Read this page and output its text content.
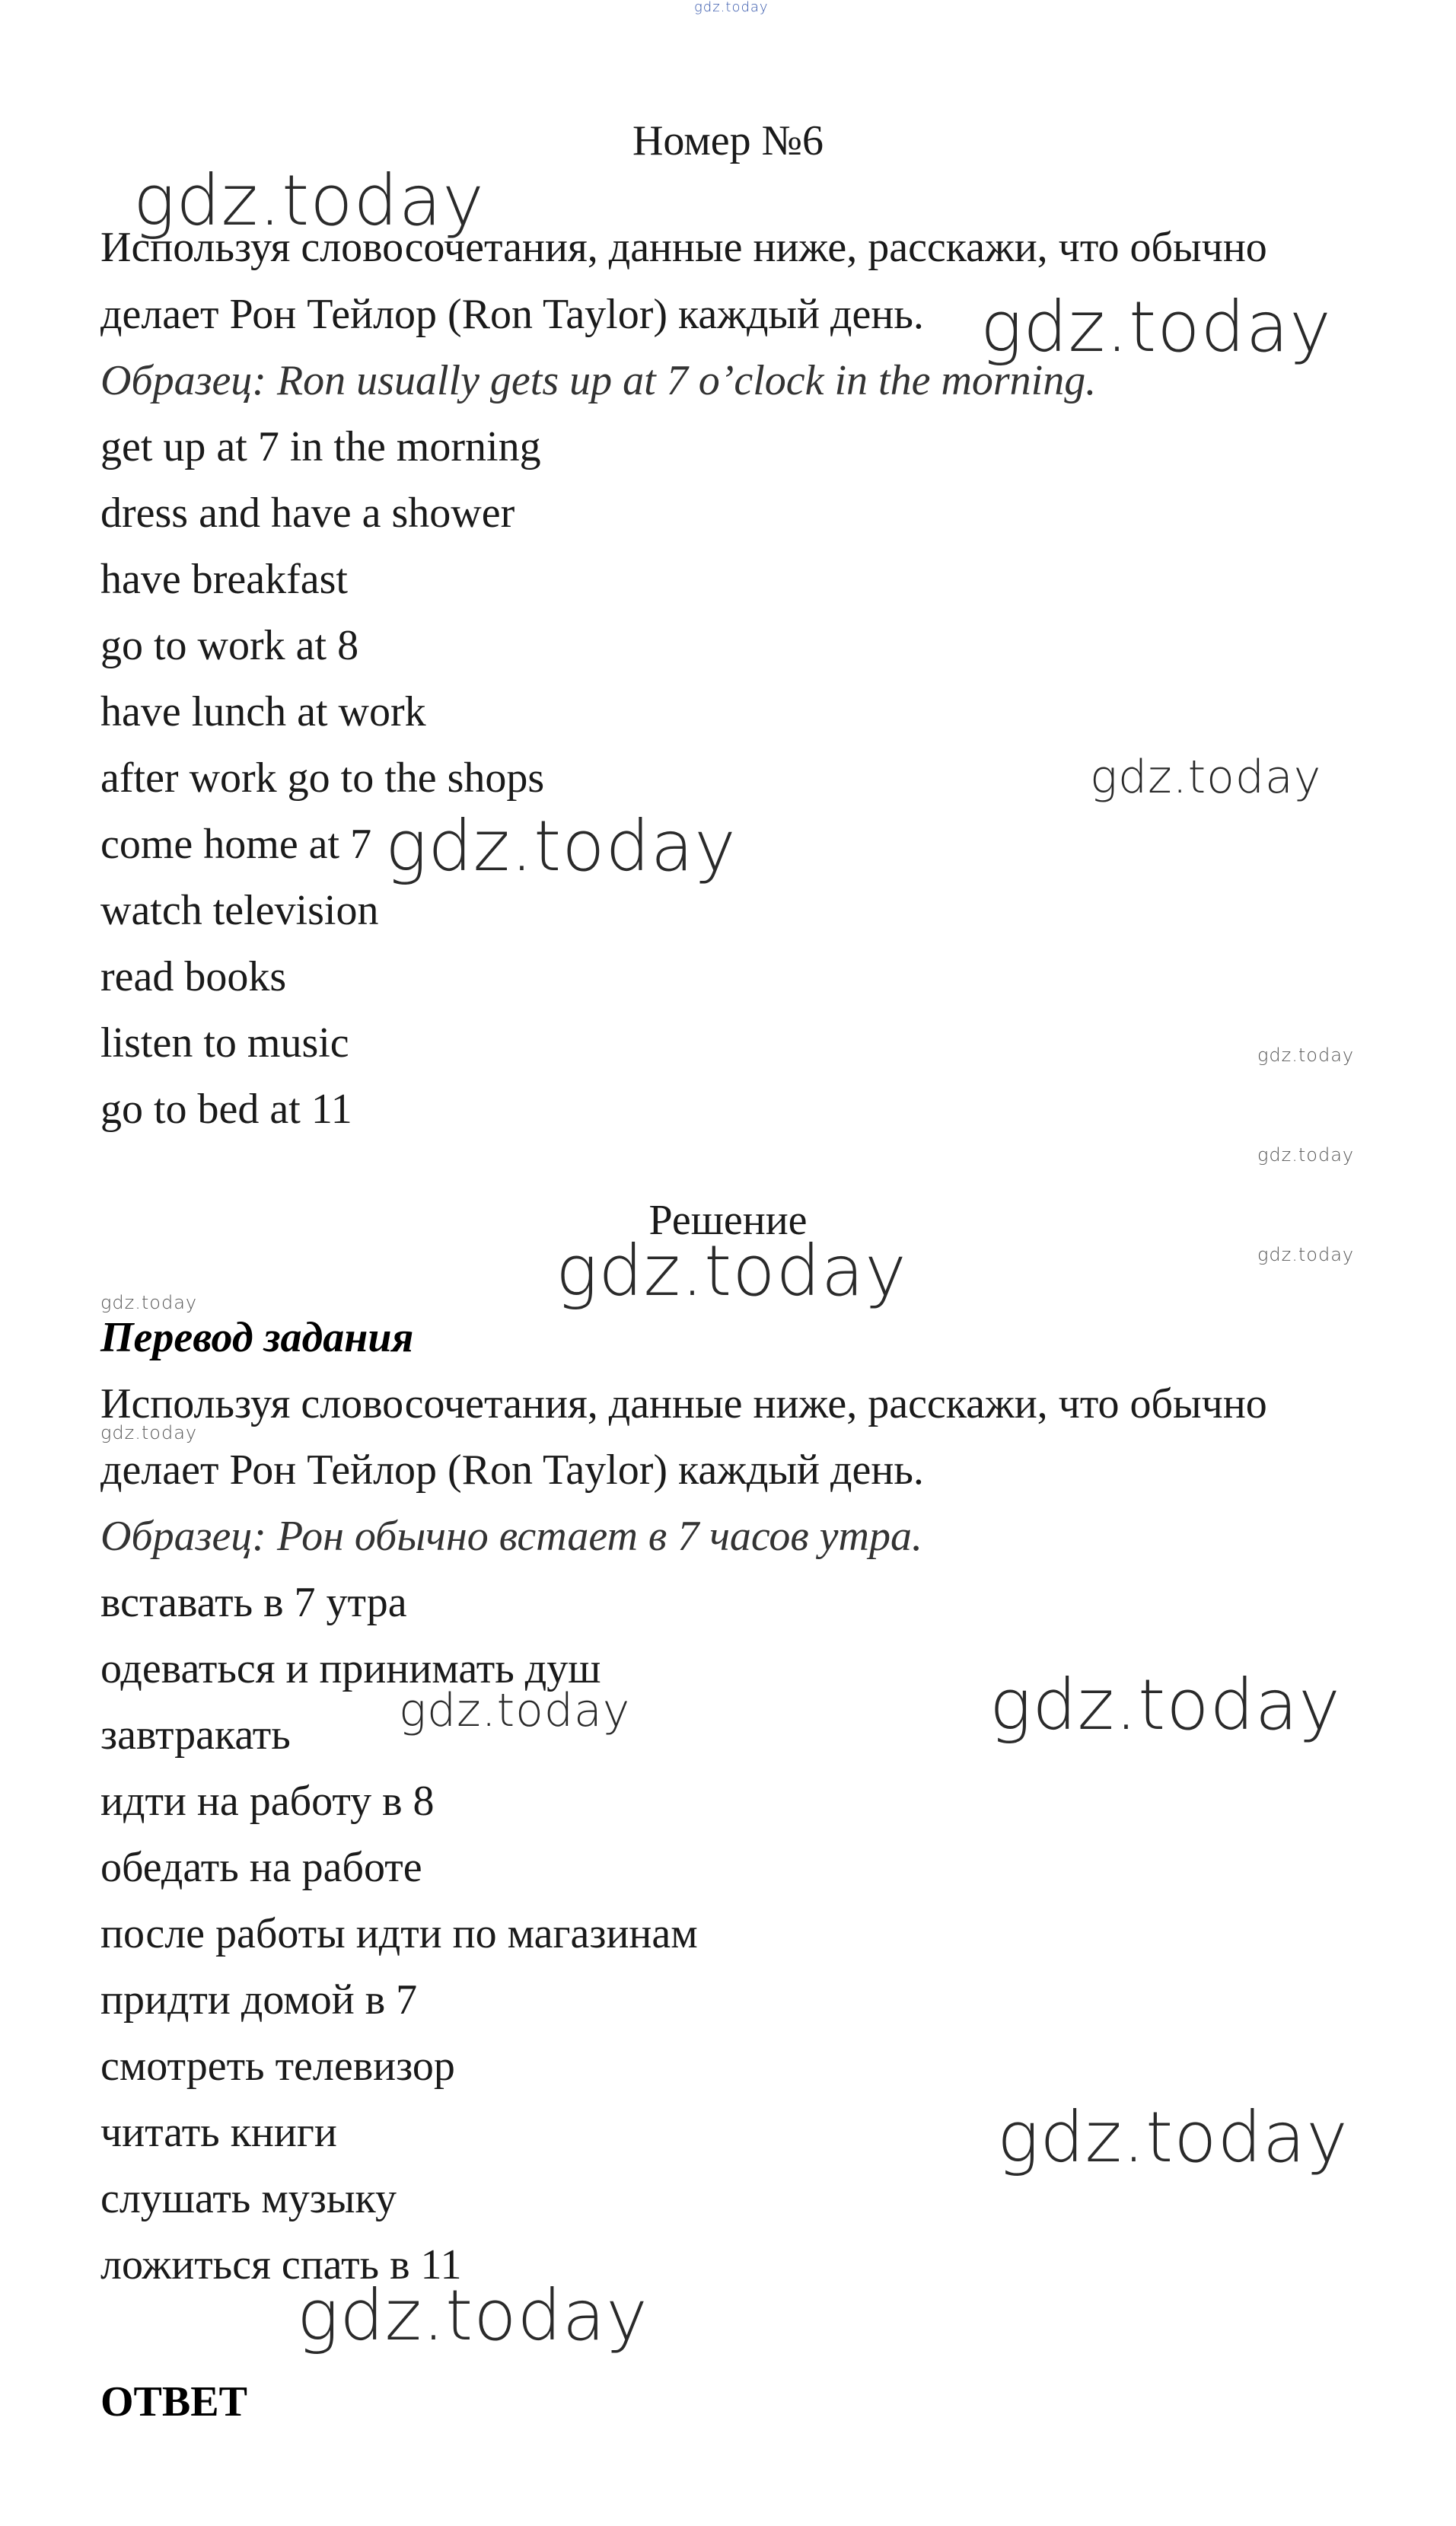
gdz.today
Номер №6
Используя словосочетания, данные ниже, расскажи, что обычно
делает Рон Тейлор (Ron Taylor) каждый день.
Образец: Ron usually gets up at 7 o’clock in the morning.
get up at 7 in the morning
dress and have a shower
have breakfast
go to work at 8
have lunch at work
after work go to the shops
come home at 7
watch television
read books
listen to music
go to bed at 11
Решение
Перевод задания
Используя словосочетания, данные ниже, расскажи, что обычно
делает Рон Тейлор (Ron Taylor) каждый день.
Образец: Рон обычно встает в 7 часов утра.
вставать в 7 утра
одеваться и принимать душ
завтракать
идти на работу в 8
обедать на работе
после работы идти по магазинам
придти домой в 7
смотреть телевизор
читать книги
слушать музыку
ложиться спать в 11
ОТВЕТ
gdz.today
gdz.today
gdz.today
gdz.today
gdz.today
gdz.today
gdz.today
gdz.today
gdz.today
gdz.today
gdz.today
gdz.today
gdz.today
gdz.today
